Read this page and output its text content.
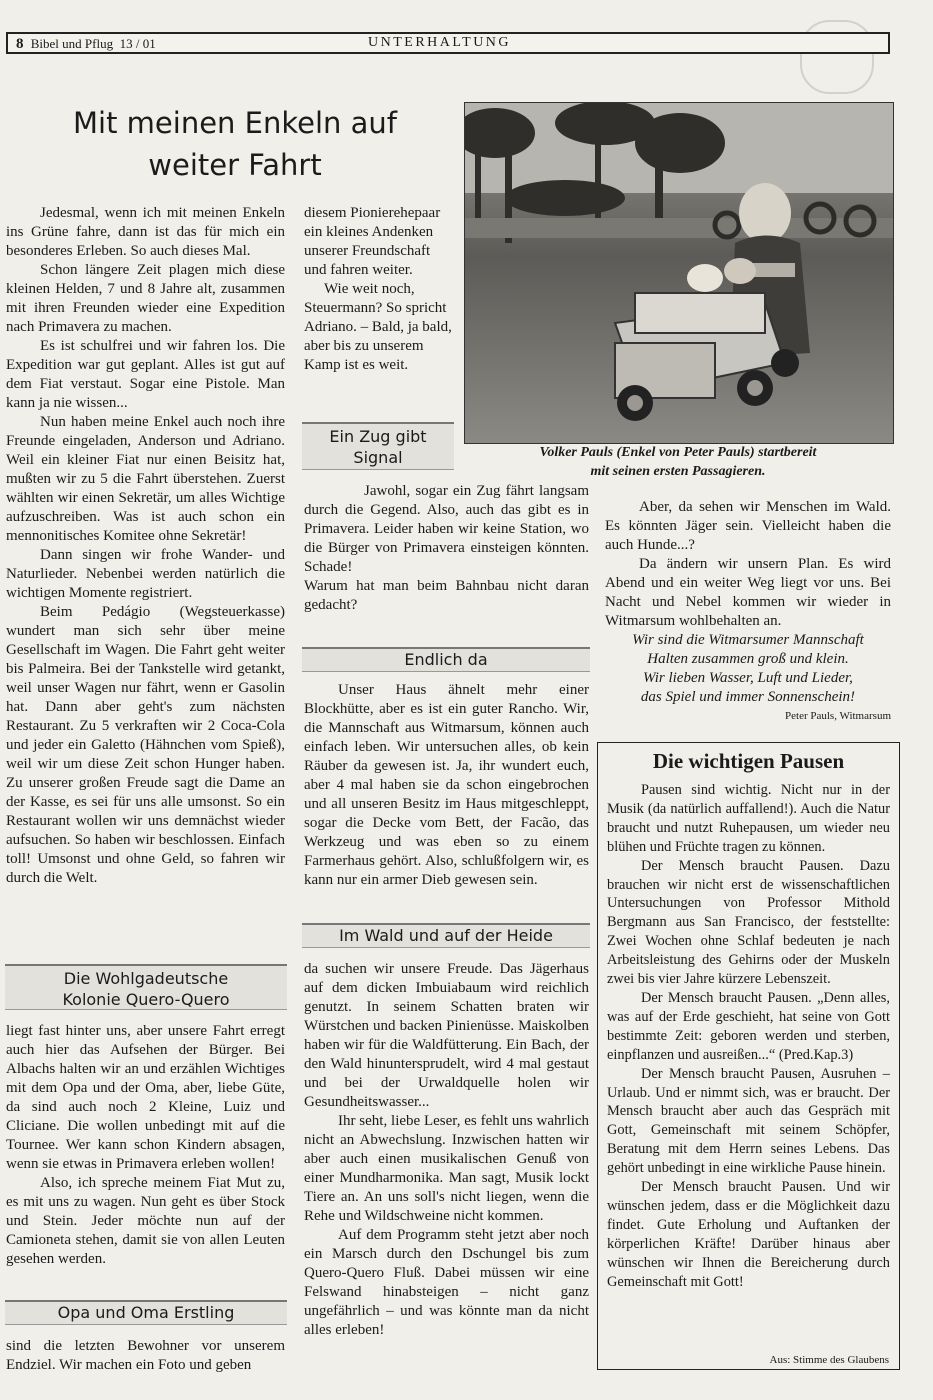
8 Bibel und Pflug 13 / 01	UNTERHALTUNG
Mit meinen Enkeln auf
weiter Fahrt

Jedesmal, wenn ich mit meinen Enkeln ins Grüne fahre, dann ist das für mich ein besonderes Erleben. So auch dieses Mal.

Schon längere Zeit plagen mich diese kleinen Helden, 7 und 8 Jahre alt, zusammen mit ihren Freunden wieder eine Expedition nach Primavera zu machen.

Es ist schulfrei und wir fahren los. Die Expedition war gut geplant. Alles ist gut auf dem Fiat verstaut. Sogar eine Pistole. Man kann ja nie wissen...

Nun haben meine Enkel auch noch ihre Freunde eingeladen, Anderson und Adriano. Weil ein kleiner Fiat nur einen Beisitz hat, mußten wir zu 5 die Fahrt überstehen. Zuerst wählten wir einen Sekretär, um alles Wichtige aufzuschreiben. Was ist auch schon ein mennonitisches Komitee ohne Sekretär!

Dann singen wir frohe Wander- und Naturlieder. Nebenbei werden natürlich die wichtigen Momente registriert.

Beim Pedágio (Wegsteuerkasse) wundert man sich sehr über meine Gesellschaft im Wagen. Die Fahrt geht weiter bis Palmeira. Bei der Tankstelle wird getankt, weil unser Wagen nur fährt, wenn er Gasolin hat. Dann aber geht's zum nächsten Restaurant. Zu 5 verkraften wir 2 Coca-Cola und jeder ein Galetto (Hähnchen vom Spieß), weil wir um diese Zeit schon Hunger haben. Zu unserer großen Freude sagt die Dame an der Kasse, es sei für uns alle umsonst. So ein Restaurant wollen wir uns demnächst wieder aufsuchen. So haben wir beschlossen. Einfach toll! Umsonst und ohne Geld, so fahren wir durch die Welt.

Die Wohlgadeutsche Kolonie Quero-Quero

liegt fast hinter uns, aber unsere Fahrt erregt auch hier das Aufsehen der Bürger. Bei Albachs halten wir an und erzählen Wichtiges mit dem Opa und der Oma, aber, liebe Güte, da sind auch noch 2 Kleine, Luiz und Cliciane. Die wollen unbedingt mit auf die Tournee. Wer kann schon Kindern absagen, wenn sie etwas in Primavera erleben wollen!

Also, ich spreche meinem Fiat Mut zu, es mit uns zu wagen. Nun geht es über Stock und Stein. Jeder möchte nun auf der Camioneta stehen, damit sie von allen Leuten gesehen werden.

Opa und Oma Erstling

sind die letzten Bewohner vor unserem Endziel. Wir machen ein Foto und geben

diesem Pionierehepaar ein kleines Andenken unserer Freundschaft und fahren weiter.

Wie weit noch, Steuermann? So spricht Adriano. – Bald, ja bald, aber bis zu unserem Kamp ist es weit.

Ein Zug gibt Signal

Jawohl, sogar ein Zug fährt langsam durch die Gegend. Also, auch das gibt es in Primavera. Leider haben wir keine Station, wo die Bürger von Primavera einsteigen könnten. Schade!

Warum hat man beim Bahnbau nicht daran gedacht?

Endlich da

Unser Haus ähnelt mehr einer Blockhütte, aber es ist ein guter Rancho. Wir, die Mannschaft aus Witmarsum, können auch einfach leben. Wir untersuchen alles, ob kein Räuber da gewesen ist. Ja, ihr wundert euch, aber 4 mal haben sie da schon eingebrochen und all unseren Besitz im Haus mitgeschleppt, sogar die Decke vom Bett, der Facão, das Werkzeug und was eben so zu einem Farmerhaus gehört. Also, schlußfolgern wir, es kann nur ein armer Dieb gewesen sein.

Im Wald und auf der Heide

da suchen wir unsere Freude. Das Jägerhaus auf dem dicken Imbuiabaum wird reichlich genutzt. In seinem Schatten braten wir Würstchen und backen Pinienüsse. Maiskolben haben wir für die Waldfütterung. Ein Bach, der den Wald hinuntersprudelt, wird 4 mal gestaut und bei der Urwaldquelle holen wir Gesundheitswasser...

Ihr seht, liebe Leser, es fehlt uns wahrlich nicht an Abwechslung. Inzwischen hatten wir aber auch einen musikalischen Genuß von einer Mundharmonika. Man sagt, Musik lockt Tiere an. An uns soll's nicht liegen, wenn die Rehe und Wildschweine nicht kommen.

Auf dem Programm steht jetzt aber noch ein Marsch durch den Dschungel bis zum Quero-Quero Fluß. Dabei müssen wir eine Felswand hinabsteigen – nicht ganz ungefährlich – und was könnte man da nicht alles erleben!

Volker Pauls (Enkel von Peter Pauls) startbereit
mit seinen ersten Passagieren.

Aber, da sehen wir Menschen im Wald. Es könnten Jäger sein. Vielleicht haben die auch Hunde...?

Da ändern wir unsern Plan. Es wird Abend und ein weiter Weg liegt vor uns. Bei Nacht und Nebel kommen wir wieder in Witmarsum wohlbehalten an.

Wir sind die Witmarsumer Mannschaft

Halten zusammen groß und klein.

Wir lieben Wasser, Luft und Lieder,

das Spiel und immer Sonnenschein!

Peter Pauls, Witmarsum
Die wichtigen Pausen

Pausen sind wichtig. Nicht nur in der Musik (da natürlich auffallend!). Auch die Natur braucht und nutzt Ruhepausen, um wieder neu blühen und Früchte tragen zu können.

Der Mensch braucht Pausen. Dazu brauchen wir nicht erst de wissenschaftlichen Untersuchungen von Professor Mithold Bergmann aus San Francisco, der feststellte: Zwei Wochen ohne Schlaf bedeuten je nach Arbeitsleistung des Gehirns oder der Muskeln zwei bis vier Jahre kürzere Lebenszeit.

Der Mensch braucht Pausen. „Denn alles, was auf der Erde geschieht, hat seine von Gott bestimmte Zeit: geboren werden und sterben, einpflanzen und ausreißen...“ (Pred.Kap.3)

Der Mensch braucht Pausen, Ausruhen – Urlaub. Und er nimmt sich, was er braucht. Der Mensch braucht aber auch das Gespräch mit Gott, Gemeinschaft mit seinem Schöpfer, Beratung mit dem Herrn seines Lebens. Das gehört unbedingt in eine wirkliche Pause hinein.

Der Mensch braucht Pausen. Und wir wünschen jedem, dass er die Möglichkeit dazu findet. Gute Erholung und Auftanken der körperlichen Kräfte! Darüber hinaus aber wünschen wir Ihnen die Bereicherung durch Gemeinschaft mit Gott!

Aus: Stimme des Glaubens
